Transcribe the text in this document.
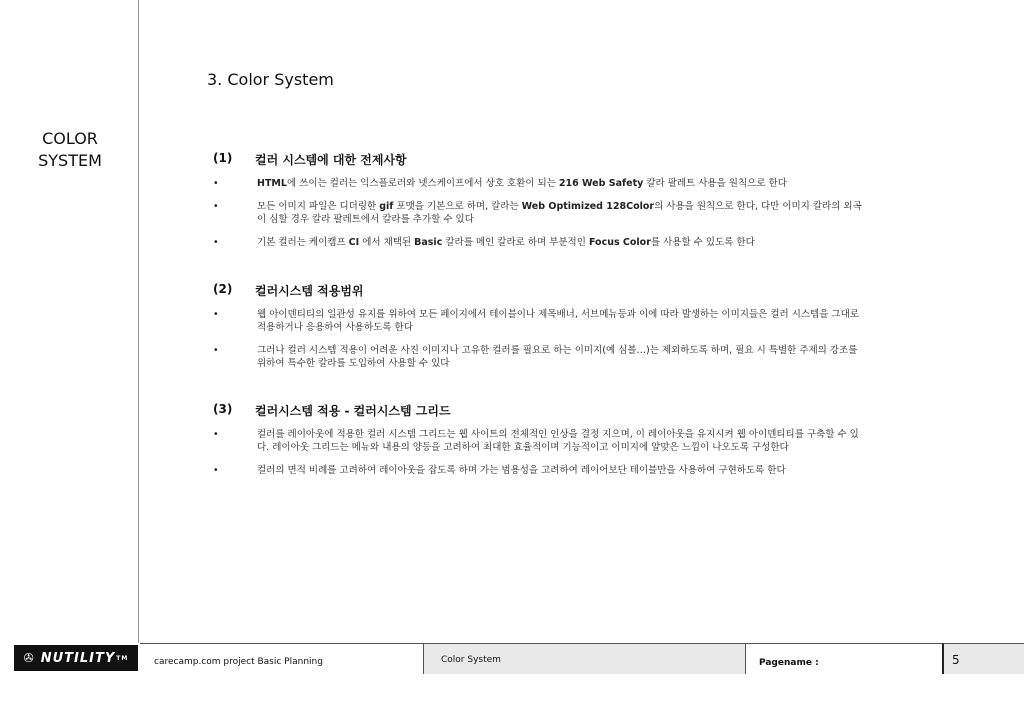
COLOR
SYSTEM
3. Color System
(1) 컬러 시스템에 대한 전제사항
•	HTML에 쓰이는 컬러는 익스플로러와 넷스케이프에서 상호 호환이 되는 216 Web Safety 칼라 팔레트 사용을 원칙으로 한다
•	모든 이미지 파일은 디더링한 gif 포맷을 기본으로 하며, 칼라는 Web Optimized 128Color의 사용을 원칙으로 한다, 다만 이미지 칼라의 외곡이 심할 경우 칼라 팔레트에서 칼라를 추가할 수 있다
•	기본 컬러는 케이캠프 CI 에서 채택된 Basic 칼라를 메인 칼라로 하며 부분적인 Focus Color를 사용할 수 있도록 한다
(2) 컬러시스템 적용범위
•	웹 아이덴티티의 일관성 유지를 위하여 모든 페이지에서 테이블이나 제목배너, 서브메뉴등과 이에 따라 발생하는 이미지들은 컬러 시스템을 그대로 적용하거나 응용하여 사용하도록 한다
•	그러나 컬러 시스템 적용이 어려운 사진 이미지나 고유한 컬러를 필요로 하는 이미지(예 심볼…)는 제외하도록 하며, 필요 시 특별한 주제의 강조를 위하여 특수한 칼라를 도입하여 사용할 수 있다
(3) 컬러시스템 적용 - 컬러시스템 그리드
•	컬러를 레이아웃에 적용한 컬러 시스템 그리드는 웹 사이트의 전체적인 인상을 결정 지으며, 이 레이아웃을 유지시켜 웹 아이덴티티를 구축할 수 있다. 레이아웃 그리드는 메뉴와 내용의 양등을 고려하여 최대한 효율적이며 기능적이고 이미지에 알맞은 느낌이 나오도록 구성한다
•	컬러의 면적 비례를 고려하여 레이아웃을 잡도록 하며 가는 범용성을 고려하여 레이어보단 테이블만을 사용하여 구현하도록 한다
✇ NUTILITY TM	carecamp.com project Basic Planning	Color System	Pagename :	5
